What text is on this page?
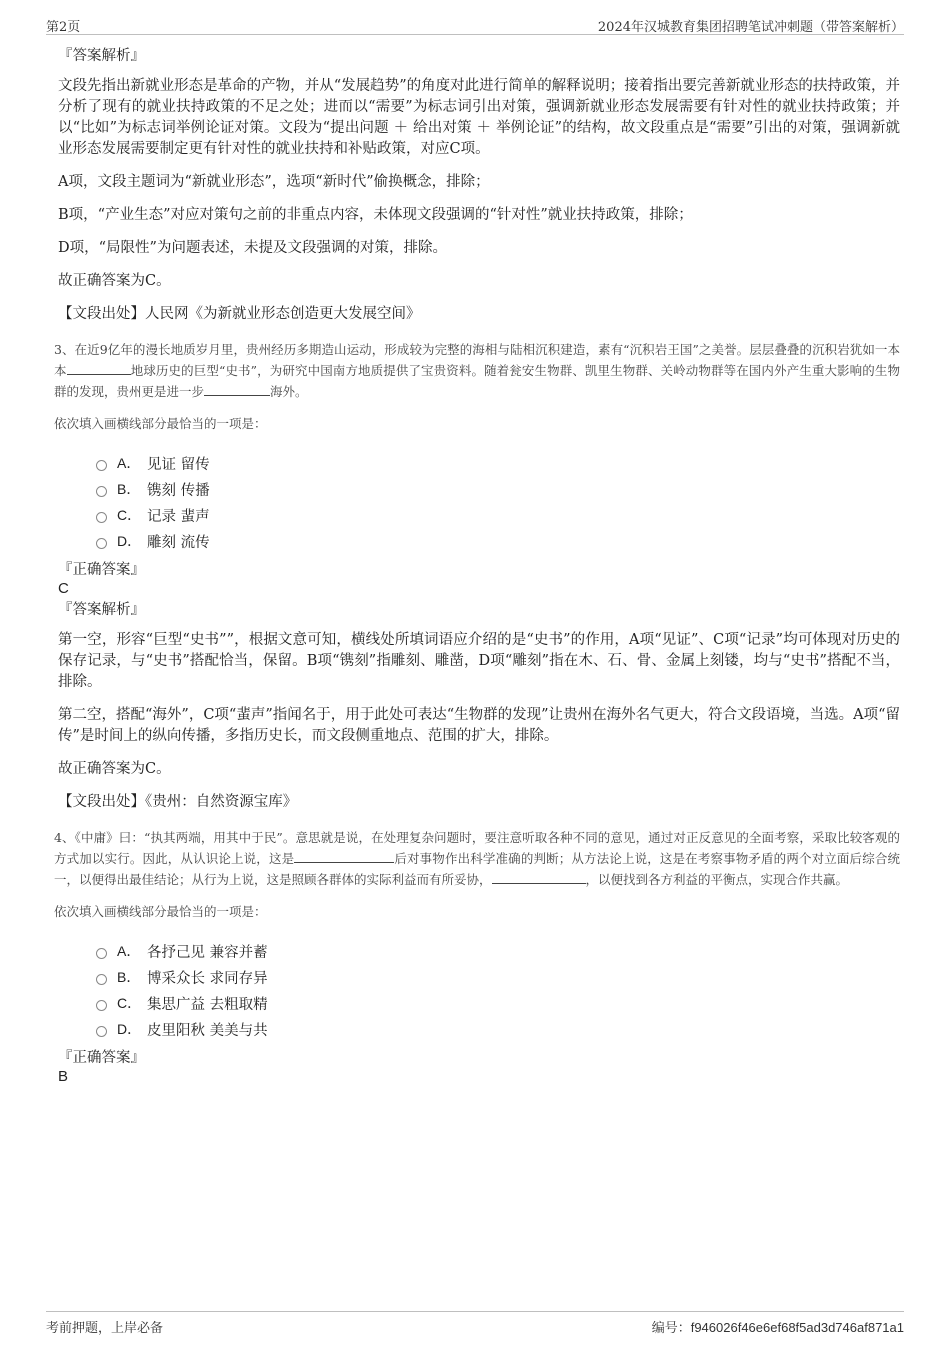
第2页	2024年汉城教育集团招聘笔试冲刺题（带答案解析）

『答案解析』

文段先指出新就业形态是革命的产物，并从“发展趋势”的角度对此进行简单的解释说明；接着指出要完善新就业形态的扶持政策，并分析了现有的就业扶持政策的不足之处；进而以“需要”为标志词引出对策，强调新就业形态发展需要有针对性的就业扶持政策；并以“比如”为标志词举例论证对策。文段为“提出问题 ＋ 给出对策 ＋ 举例论证”的结构，故文段重点是“需要”引出的对策，强调新就业形态发展需要制定更有针对性的就业扶持和补贴政策，对应C项。

A项，文段主题词为“新就业形态”，选项“新时代”偷换概念，排除；

B项，“产业生态”对应对策句之前的非重点内容，未体现文段强调的“针对性”就业扶持政策，排除；

D项，“局限性”为问题表述，未提及文段强调的对策，排除。

故正确答案为C。

【文段出处】人民网《为新就业形态创造更大发展空间》

3、在近9亿年的漫长地质岁月里，贵州经历多期造山运动，形成较为完整的海相与陆相沉积建造，素有“沉积岩王国”之美誉。层层叠叠的沉积岩犹如一本本	地球历史的巨型“史书”，为研究中国南方地质提供了宝贵资料。随着瓮安生物群、凯里生物群、关岭动物群等在国内外产生重大影响的生物群的发现，贵州更是进一步	海外。

依次填入画横线部分最恰当的一项是：

A． 见证 留传
B． 镌刻 传播
C． 记录 蜚声
D． 雕刻 流传

『正确答案』

C

『答案解析』

第一空，形容“巨型“史书””，根据文意可知，横线处所填词语应介绍的是“史书”的作用，A项“见证”、C项“记录”均可体现对历史的保存记录，与“史书”搭配恰当，保留。B项“镌刻”指雕刻、雕凿，D项“雕刻”指在木、石、骨、金属上刻镂，均与“史书”搭配不当，排除。

第二空，搭配“海外”，C项“蜚声”指闻名于，用于此处可表达“生物群的发现”让贵州在海外名气更大，符合文段语境，当选。A项“留传”是时间上的纵向传播，多指历史长，而文段侧重地点、范围的扩大，排除。

故正确答案为C。

【文段出处】《贵州：自然资源宝库》

4、《中庸》曰：“执其两端，用其中于民”。意思就是说，在处理复杂问题时，要注意听取各种不同的意见，通过对正反意见的全面考察，采取比较客观的方式加以实行。因此，从认识论上说，这是	后对事物作出科学准确的判断；从方法论上说，这是在考察事物矛盾的两个对立面后综合统一，以便得出最佳结论；从行为上说，这是照顾各群体的实际利益而有所妥协，	，以便找到各方利益的平衡点，实现合作共赢。

依次填入画横线部分最恰当的一项是：

A． 各抒己见 兼容并蓄
B． 博采众长 求同存异
C． 集思广益 去粗取精
D． 皮里阳秋 美美与共

『正确答案』

B

考前押题，上岸必备	编号：f946026f46e6ef68f5ad3d746af871a1
